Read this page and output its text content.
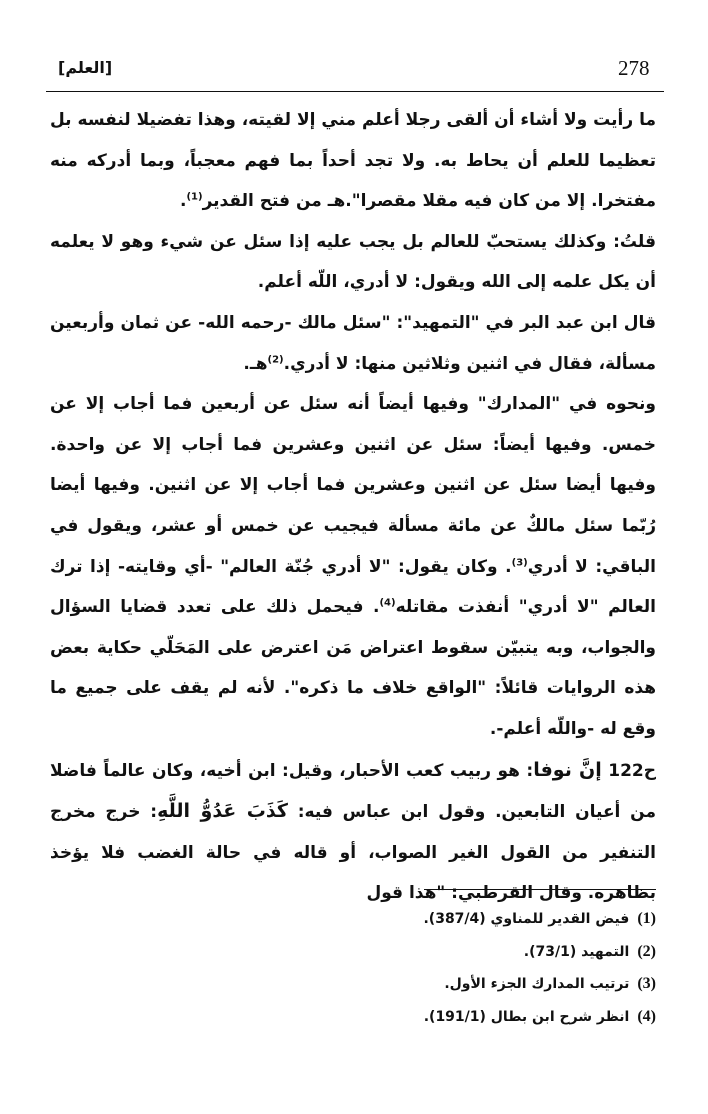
278
[العلم]

ما رأيت ولا أشاء أن ألقى رجلا أعلم مني إلا لقيته، وهذا تفضيلا لنفسه بل تعظيما للعلم أن يحاط به. ولا تجد أحداً بما فهم معجباً، وبما أدركه منه مفتخرا. إلا من كان فيه مقلا مقصرا".هـ من فتح القدير$^{(1)}$.

قلتُ: وكذلك يستحبّ للعالم بل يجب عليه إذا سئل عن شيء وهو لا يعلمه أن يكل علمه إلى الله ويقول: لا أدري، اللّه أعلم.

قال ابن عبد البر في "التمهيد": "سئل مالك -رحمه الله- عن ثمان وأربعين مسألة، فقال في اثنين وثلاثين منها: لا أدري.$^{(2)}$هـ.

ونحوه في "المدارك" وفيها أيضاً أنه سئل عن أربعين فما أجاب إلا عن خمس. وفيها أيضاً: سئل عن اثنين وعشرين فما أجاب إلا عن واحدة. وفيها أيضا سئل عن اثنين وعشرين فما أجاب إلا عن اثنين. وفيها أيضا رُبّما سئل مالكٌ عن مائة مسألة فيجيب عن خمس أو عشر، ويقول في الباقي: لا أدري$^{(3)}$. وكان يقول: "لا أدري جُنّة العالم" -أي وقايته- إذا ترك العالم "لا أدري" أنفذت مقاتله$^{(4)}$. فيحمل ذلك على تعدد قضايا السؤال والجواب، وبه يتبيّن سقوط اعتراض مَن اعترض على المَحَلّي حكاية بعض هذه الروايات قائلاً: "الواقع خلاف ما ذكره". لأنه لم يقف على جميع ما وقع له -واللّه أعلم-.

ح122 إنَّ نوفا: هو ربيب كعب الأحبار، وقيل: ابن أخيه، وكان عالماً فاضلا من أعيان التابعين. وقول ابن عباس فيه: كَذَبَ عَدُوُّ اللَّهِ: خرج مخرج التنفير من القول الغير الصواب، أو قاله في حالة الغضب فلا يؤخذ بظاهره. وقال القرطبي: "هذا قول

(1)فيض القدير للمناوي (387/4).
(2)التمهيد (73/1).
(3)ترتيب المدارك الجزء الأول.
(4)انظر شرح ابن بطال (191/1).
